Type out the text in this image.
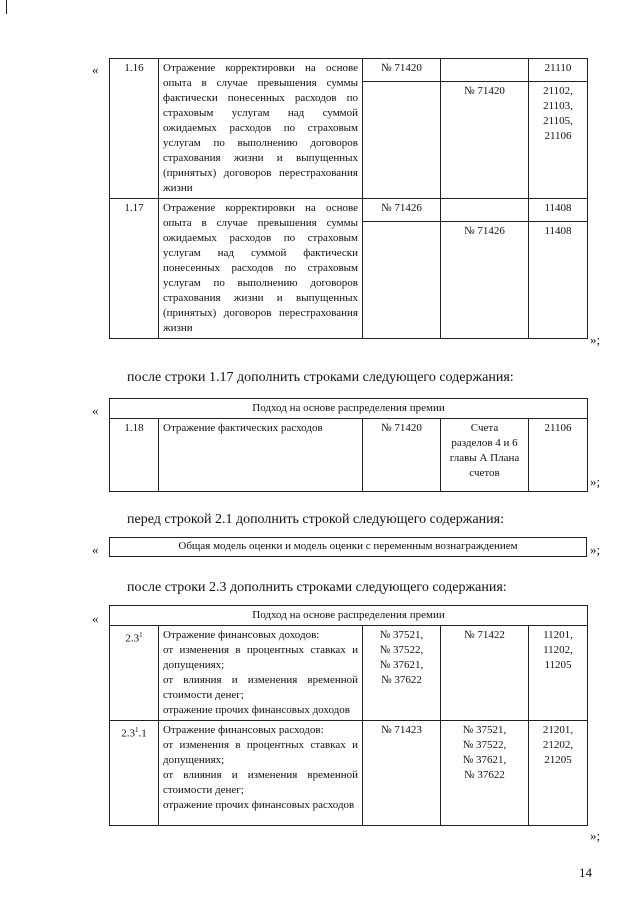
« 1.16	Отражение корректировки на основе опыта в случае превышения суммы фактически понесенных расходов по страховым услугам над суммой ожидаемых расходов по страховым услугам по выполнению договоров страхования жизни и выпущенных (принятых) договоров перестрахования жизни	№ 71420		21110
			№ 71420	21102,
21103,
21105,
21106
1.17	Отражение корректировки на основе опыта в случае превышения суммы ожидаемых расходов по страховым услугам над суммой фактически понесенных расходов по страховым услугам по выполнению договоров страхования жизни и выпущенных (принятых) договоров перестрахования жизни	№ 71426		11408
			№ 71426	11408
»;
после строки 1.17 дополнить строками следующего содержания:
«	Подход на основе распределения премии
1.18	Отражение фактических расходов	№ 71420	Счета
разделов 4 и 6
главы А Плана
счетов	21106
»;
перед строкой 2.1 дополнить строкой следующего содержания:
«	Общая модель оценки и модель оценки с переменным вознаграждением	»;
после строки 2.3 дополнить строками следующего содержания:
«	Подход на основе распределения премии				
$2.3^1$	Отражение финансовых доходов:
от изменения в процентных ставках и допущениях;
от влияния и изменения временной стоимости денег;
отражение прочих финансовых доходов	№ 37521,
№ 37522,
№ 37621,
№ 37622	№ 71422	11201,
11202,
11205
$2.3^1.1$	Отражение финансовых расходов:
от изменения в процентных ставках и допущениях;
от влияния и изменения временной стоимости денег;
отражение прочих финансовых расходов	№ 71423	№ 37521,
№ 37522,
№ 37621,
№ 37622	21201,
21202,
21205
»;
14
